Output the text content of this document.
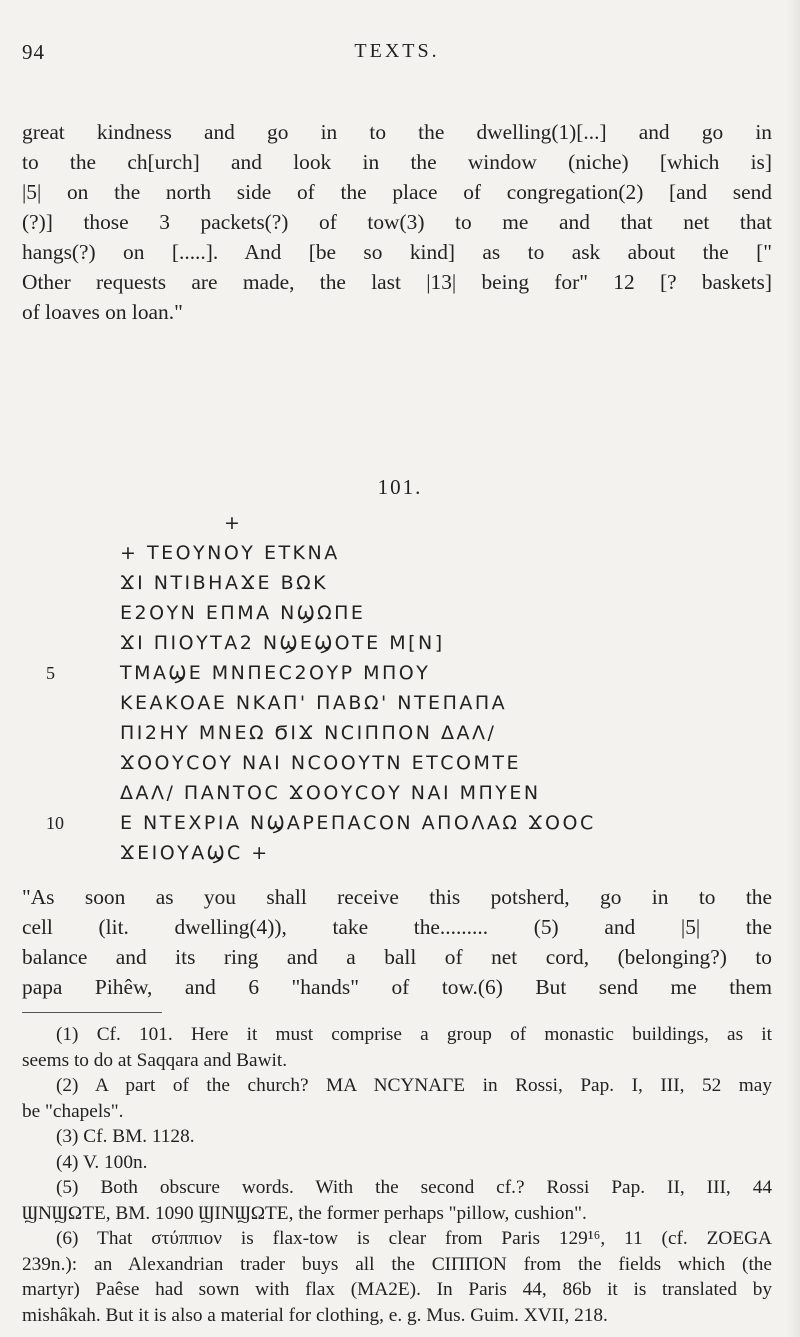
94	TEXTS.
great kindness and go in to the dwelling(1)[...] and go in
to the ch[urch] and look in the window (niche) [which is]
|5| on the north side of the place of congregation(2) [and send
(?)] those 3 packets(?) of tow(3) to me and that net that
hangs(?) on [.....]. And [be so kind] as to ask about the ["
Other requests are made, the last |13| being for" 12 [? baskets]
of loaves on loan."
101.
+
+ ΤΕΟΥΝΟΥ ΕΤΚΝΑ
ϪΙ ΝΤΙΒΗΑϪΕ ΒΩΚ
Ε2ΟΥΝ ΕΠΜΑ ΝϢΩΠΕ
ϪΙ ΠΙΟΥΤΑ2 ΝϢΕϢΟΤΕ Μ[Ν]
5	ΤΜΑϢΕ ΜΝΠΕϹ2ΟΥΡ ΜΠΟΥ
ΚΕΑΚΟΑΕ ΝΚΑΠ' ΠΑΒΩ' ΝΤΕΠΑΠΑ
ΠΙ2ΗΥ ΜΝΕΩ ϬΙϪ ΝϹΙΠΠΟΝ ΔΑΛ/
ϪΟΟΥϹΟΥ ΝΑΙ ΝϹΟΟΥΤΝ ΕΤϹΟΜΤΕ
ΔΑΛ/ ΠΑΝΤΟϹ ϪΟΟΥϹΟΥ ΝΑΙ ΜΠΥΕΝ
10	Ε ΝΤΕΧΡΙΑ ΝϢΑΡΕΠΑϹΟΝ ΑΠΟΛΑΩ ϪΟΟϹ
ϪΕΙΟΥΑϢϹ +
"As soon as you shall receive this potsherd, go in to the
cell (lit. dwelling(4)), take the......... (5) and |5| the
balance and its ring and a ball of net cord, (belonging?) to
papa Pihêw, and 6 "hands" of tow.(6) But send me them
(1) Cf. 101. Here it must comprise a group of monastic buildings, as it
seems to do at Saqqara and Bawit.
(2) A part of the church? ΜΑ ΝϹΥΝΑΓΕ in Rossi, Pap. I, III, 52 may
be "chapels".
(3) Cf. BM. 1128.
(4) V. 100n.
(5) Both obscure words. With the second cf.? Rossi Pap. II, III, 44
ϢΝϢΩΤΕ, BM. 1090 ϢΙΝϢΩΤΕ, the former perhaps "pillow, cushion".
(6) That στύππιον is flax-tow is clear from Paris 129¹⁶, 11 (cf. ZOEGA
239n.): an Alexandrian trader buys all the ϹΙΠΠΟΝ from the fields which (the
martyr) Paêse had sown with flax (ΜΑ2Ε). In Paris 44, 86b it is translated by
mishâkah. But it is also a material for clothing, e. g. Mus. Guim. XVII, 218.
